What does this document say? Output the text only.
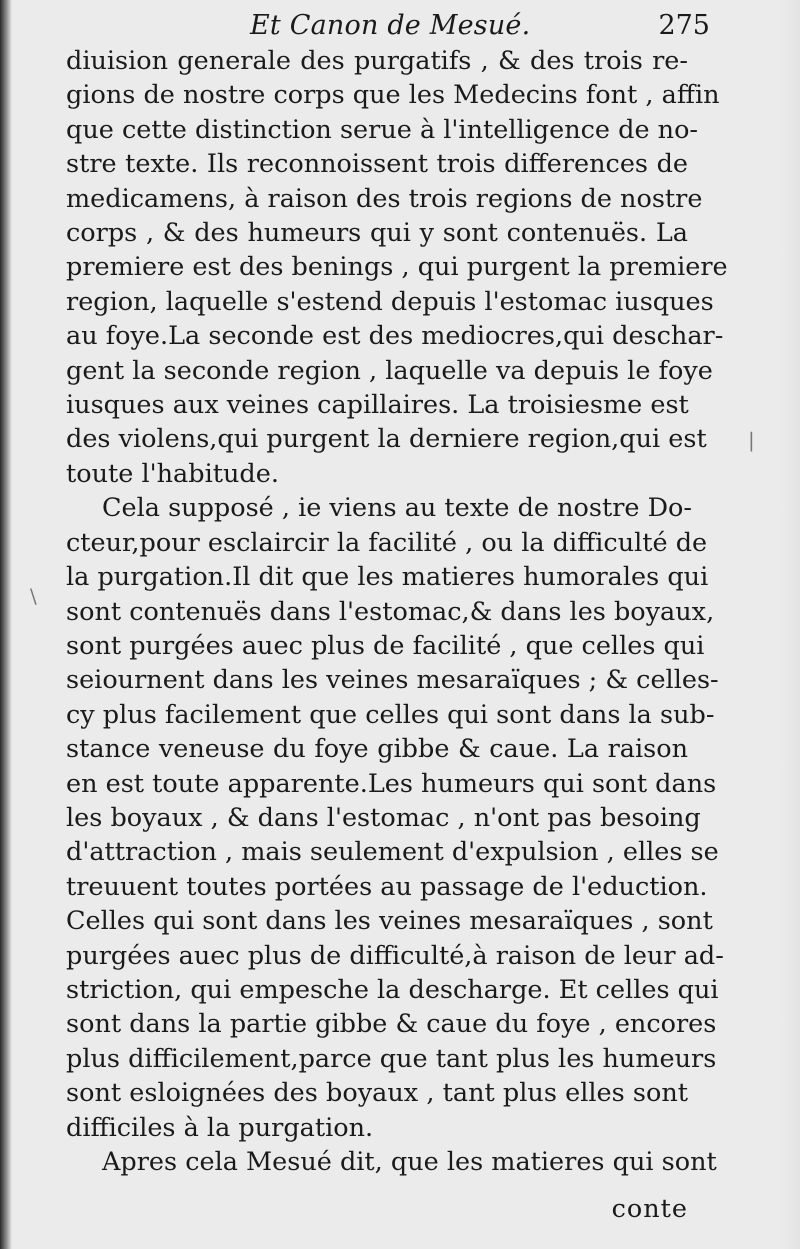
Et Canon de Mesué.	275
diuision generale des purgatifs , & des trois re-
gions de nostre corps que les Medecins font , affin
que cette distinction serue à l'intelligence de no-
stre texte. Ils reconnoissent trois differences de
medicamens, à raison des trois regions de nostre
corps , & des humeurs qui y sont contenuës. La
premiere est des benings , qui purgent la premiere
region, laquelle s'estend depuis l'estomac iusques
au foye.La seconde est des mediocres,qui deschar-
gent la seconde region , laquelle va depuis le foye
iusques aux veines capillaires. La troisiesme est
des violens,qui purgent la derniere region,qui est
toute l'habitude.
Cela supposé , ie viens au texte de nostre Do-
cteur,pour esclaircir la facilité , ou la difficulté de
la purgation.Il dit que les matieres humorales qui
sont contenuës dans l'estomac,& dans les boyaux,
sont purgées auec plus de facilité , que celles qui
seiournent dans les veines mesaraïques ; & celles-
cy plus facilement que celles qui sont dans la sub-
stance veneuse du foye gibbe & caue. La raison
en est toute apparente.Les humeurs qui sont dans
les boyaux , & dans l'estomac , n'ont pas besoing
d'attraction , mais seulement d'expulsion , elles se
treuuent toutes portées au passage de l'eduction.
Celles qui sont dans les veines mesaraïques , sont
purgées auec plus de difficulté,à raison de leur ad-
striction, qui empesche la descharge. Et celles qui
sont dans la partie gibbe & caue du foye , encores
plus difficilement,parce que tant plus les humeurs
sont esloignées des boyaux , tant plus elles sont
difficiles à la purgation.
Apres cela Mesué dit, que les matieres qui sont
conte
\
|
